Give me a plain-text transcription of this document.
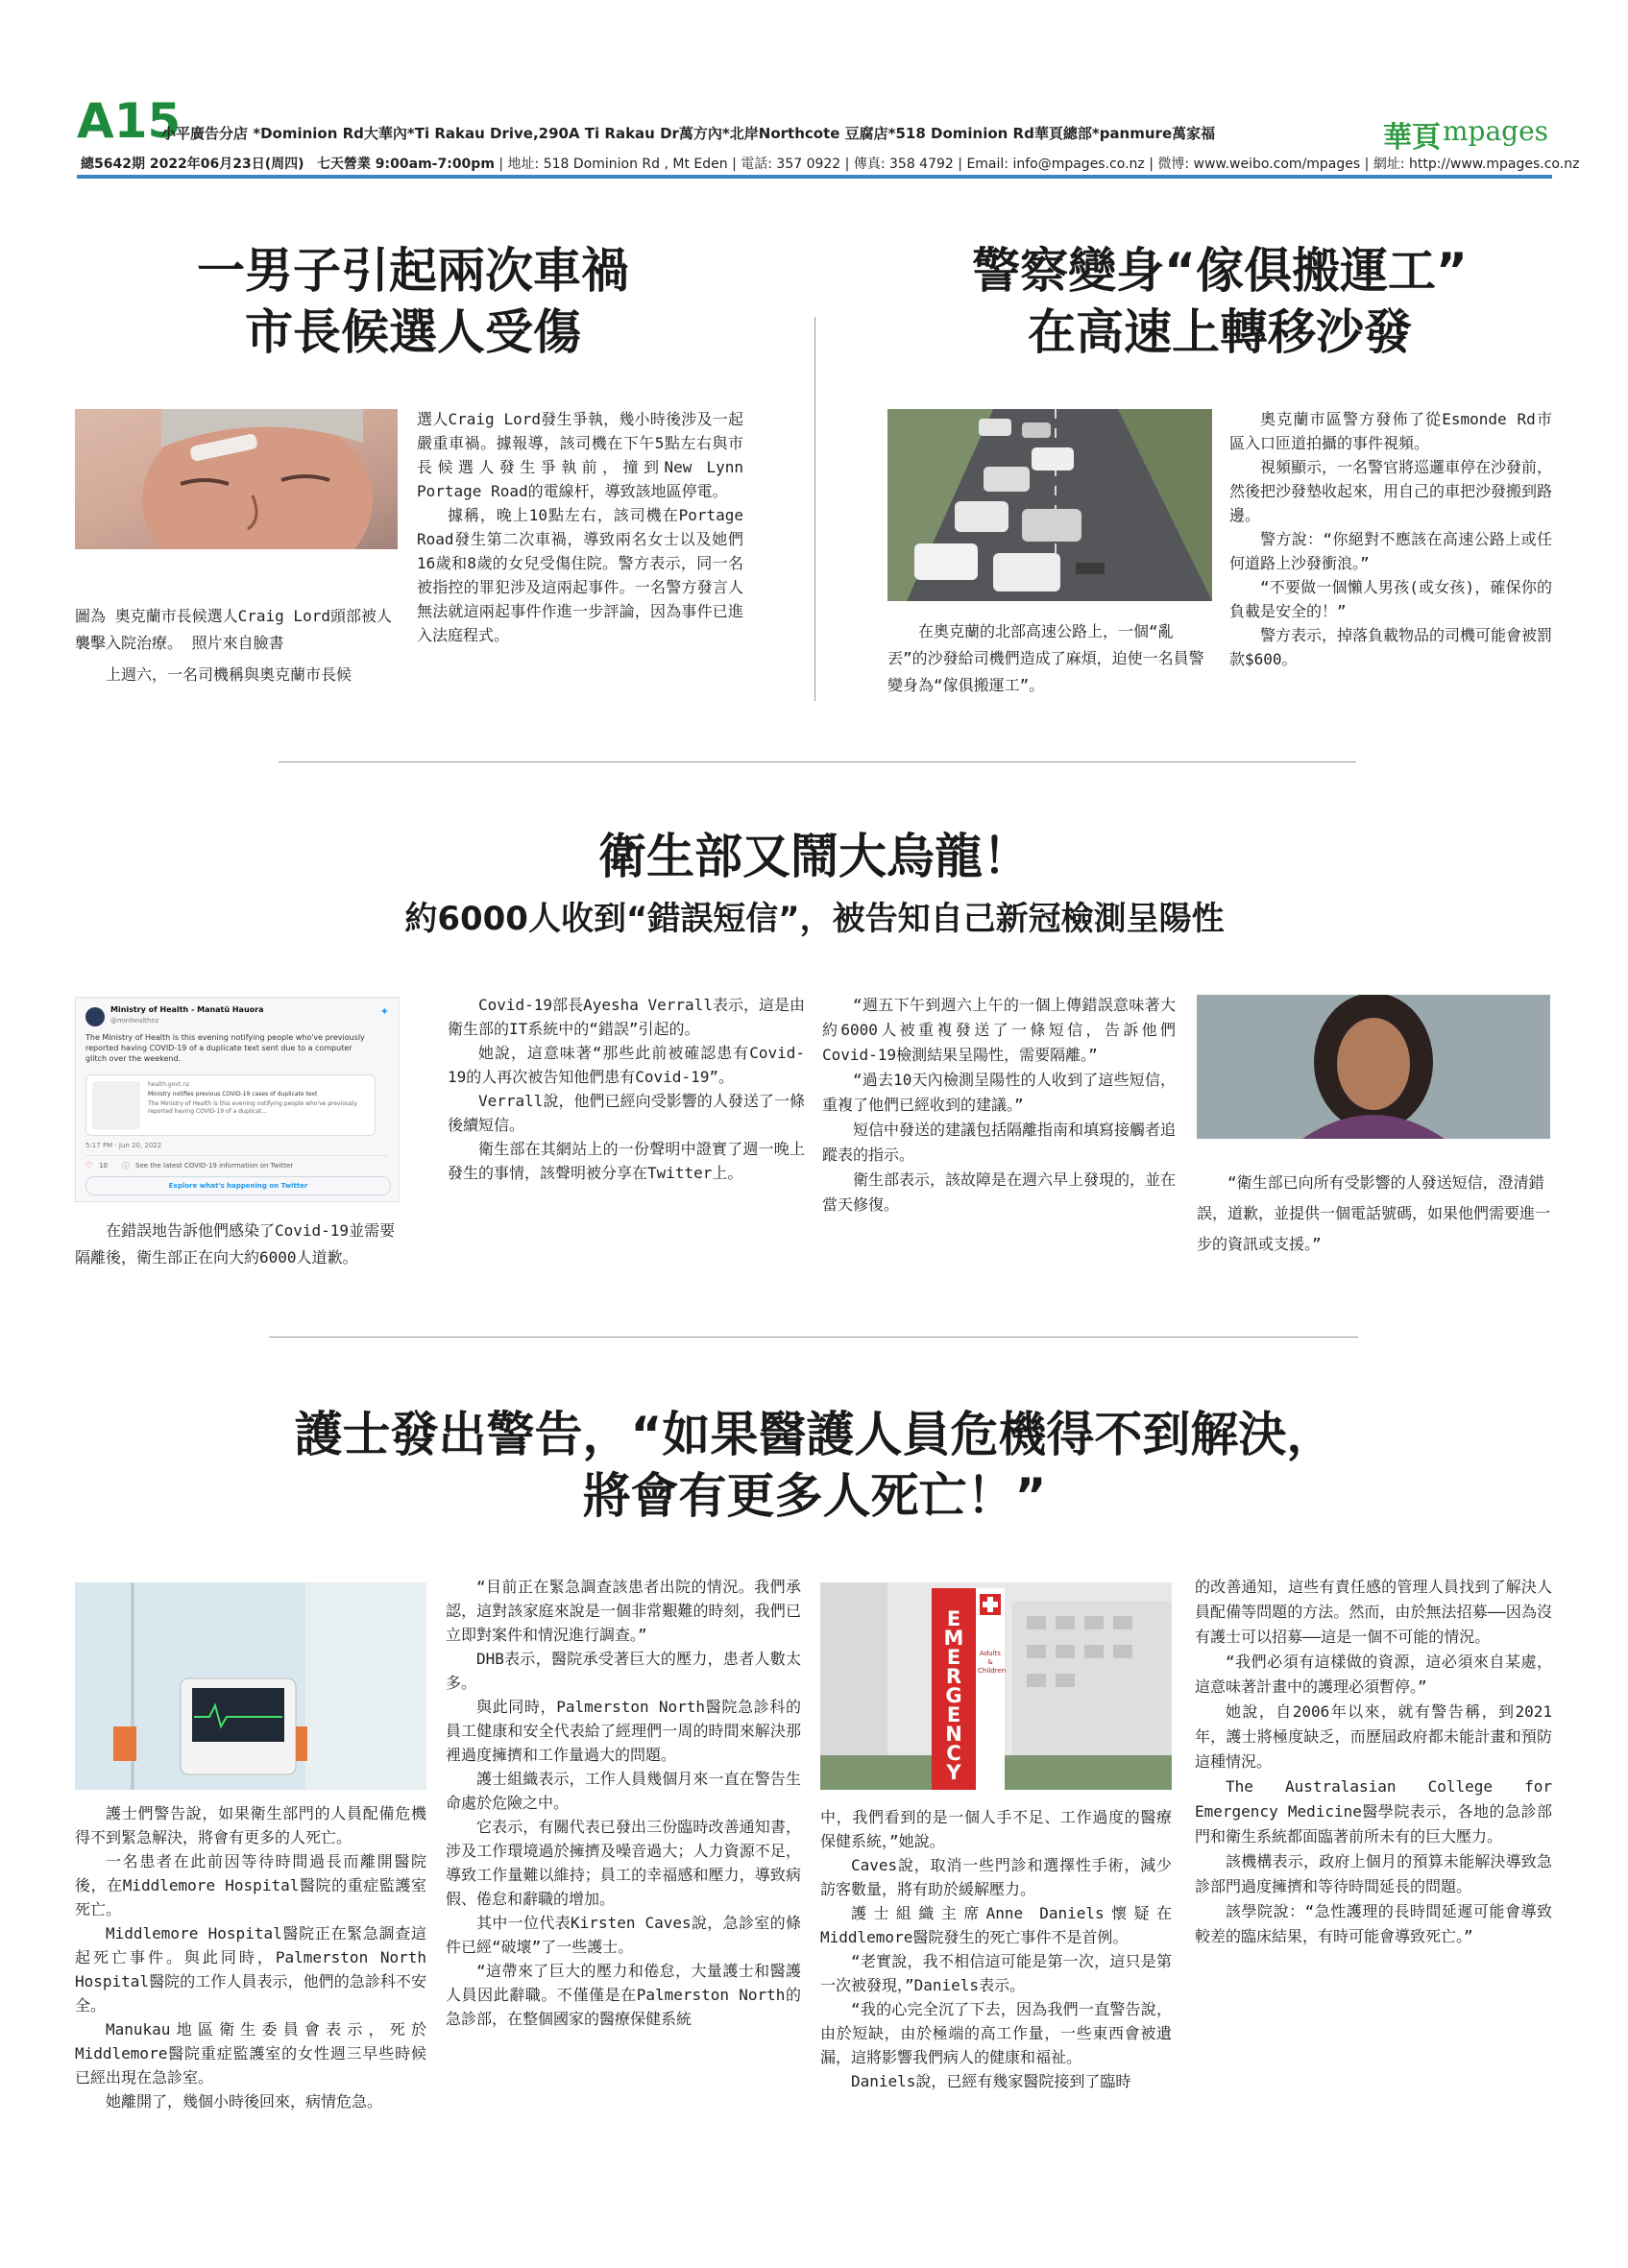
A15
小平廣告分店 *Dominion Rd大華內*Ti Rakau Drive,290A Ti Rakau Dr萬方內*北岸Northcote 豆腐店*518 Dominion Rd華頁總部*panmure萬家福
總5642期 2022年06月23日(周四) 七天營業 9:00am-7:00pm | 地址: 518 Dominion Rd , Mt Eden | 電話: 357 0922 | 傳真: 358 4792 | Email: info@mpages.co.nz | 微博: www.weibo.com/mpages | 網址: http://www.mpages.co.nz
華頁 mpages
一男子引起兩次車禍
市長候選人受傷
圖為 奧克蘭市長候選人Craig Lord頭部被人襲擊入院治療。 照片來自臉書

上週六，一名司機稱與奧克蘭市長候

選人Craig Lord發生爭執，幾小時後涉及一起嚴重車禍。據報導，該司機在下午5點左右與市長候選人發生爭執前，撞到New Lynn Portage Road的電線杆，導致該地區停電。

據稱，晚上10點左右，該司機在Portage Road發生第二次車禍，導致兩名女士以及她們16歲和8歲的女兒受傷住院。警方表示，同一名被指控的罪犯涉及這兩起事件。一名警方發言人無法就這兩起事件作進一步評論，因為事件已進入法庭程式。

警察變身“傢俱搬運工”
在高速上轉移沙發
在奧克蘭的北部高速公路上，一個“亂丟”的沙發給司機們造成了麻煩，迫使一名員警變身為“傢俱搬運工”。

奧克蘭市區警方發佈了從Esmonde Rd市區入口匝道拍攝的事件視頻。

視頻顯示，一名警官將巡邏車停在沙發前，然後把沙發墊收起來，用自己的車把沙發搬到路邊。

警方說：“你絕對不應該在高速公路上或任何道路上沙發衝浪。”

“不要做一個懶人男孩(或女孩)，確保你的負載是安全的！”

警方表示，掉落負載物品的司機可能會被罰款$600。

衛生部又鬧大烏龍！
約6000人收到“錯誤短信”，被告知自己新冠檢測呈陽性
Ministry of Health - Manatū Hauora
@minhealthnz
✦
The Ministry of Health is this evening notifying people who've previously reported having COVID-19 of a duplicate text sent due to a computer glitch over the weekend.
health.govt.nz
Ministry notifies previous COVID-19 cases of duplicate text
The Ministry of Health is this evening notifying people who've previously reported having COVID-19 of a duplicat...
5:17 PM · Jun 20, 2022
♡ 10 ⓘ See the latest COVID-19 information on Twitter
Explore what's happening on Twitter
在錯誤地告訴他們感染了Covid-19並需要隔離後，衛生部正在向大約6000人道歉。

Covid-19部長Ayesha Verrall表示，這是由衛生部的IT系統中的“錯誤”引起的。

她說，這意味著“那些此前被確認患有Covid-19的人再次被告知他們患有Covid-19”。

Verrall說，他們已經向受影響的人發送了一條後續短信。

衛生部在其網站上的一份聲明中證實了週一晚上發生的事情，該聲明被分享在Twitter上。

“週五下午到週六上午的一個上傳錯誤意味著大約6000人被重複發送了一條短信，告訴他們Covid-19檢測結果呈陽性，需要隔離。”

“過去10天內檢測呈陽性的人收到了這些短信，重複了他們已經收到的建議。”

短信中發送的建議包括隔離指南和填寫接觸者追蹤表的指示。

衛生部表示，該故障是在週六早上發現的，並在當天修復。

“衛生部已向所有受影響的人發送短信，澄清錯誤，道歉，並提供一個電話號碼，如果他們需要進一步的資訊或支援。”
護士發出警告，“如果醫護人員危機得不到解決，
將會有更多人死亡！”

護士們警告說，如果衛生部門的人員配備危機得不到緊急解決，將會有更多的人死亡。

一名患者在此前因等待時間過長而離開醫院後，在Middlemore Hospital醫院的重症監護室死亡。

Middlemore Hospital醫院正在緊急調查這起死亡事件。與此同時，Palmerston North Hospital醫院的工作人員表示，他們的急診科不安全。

Manukau地區衛生委員會表示，死於Middlemore醫院重症監護室的女性週三早些時候已經出現在急診室。

她離開了，幾個小時後回來，病情危急。

“目前正在緊急調查該患者出院的情況。我們承認，這對該家庭來說是一個非常艱難的時刻，我們已立即對案件和情況進行調查。”

DHB表示，醫院承受著巨大的壓力，患者人數太多。

與此同時，Palmerston North醫院急診科的員工健康和安全代表給了經理們一周的時間來解決那裡過度擁擠和工作量過大的問題。

護士組織表示，工作人員幾個月來一直在警告生命處於危險之中。

它表示，有關代表已發出三份臨時改善通知書，涉及工作環境過於擁擠及噪音過大；人力資源不足，導致工作量難以維持；員工的幸福感和壓力，導致病假、倦怠和辭職的增加。

其中一位代表Kirsten Caves說，急診室的條件已經“破壞”了一些護士。

“這帶來了巨大的壓力和倦怠，大量護士和醫護人員因此辭職。不僅僅是在Palmerston North的急診部，在整個國家的醫療保健系統

E
M
E
R
G
E
N
C
Y
Adults & Children

中，我們看到的是一個人手不足、工作過度的醫療保健系統，”她說。

Caves說，取消一些門診和選擇性手術，減少訪客數量，將有助於緩解壓力。

護士組織主席Anne Daniels懷疑在Middlemore醫院發生的死亡事件不是首例。

“老實說，我不相信這可能是第一次，這只是第一次被發現，”Daniels表示。

“我的心完全沉了下去，因為我們一直警告說，由於短缺，由於極端的高工作量，一些東西會被遺漏，這將影響我們病人的健康和福祉。

Daniels說，已經有幾家醫院接到了臨時

的改善通知，這些有責任感的管理人員找到了解決人員配備等問題的方法。然而，由於無法招募——因為沒有護士可以招募——這是一個不可能的情況。

“我們必須有這樣做的資源，這必須來自某處，這意味著計畫中的護理必須暫停。”

她說，自2006年以來，就有警告稱，到2021年，護士將極度缺乏，而歷屆政府都未能計畫和預防這種情況。

The Australasian College for Emergency Medicine醫學院表示，各地的急診部門和衛生系統都面臨著前所未有的巨大壓力。

該機構表示，政府上個月的預算未能解決導致急診部門過度擁擠和等待時間延長的問題。

該學院說：“急性護理的長時間延遲可能會導致較差的臨床結果，有時可能會導致死亡。”
